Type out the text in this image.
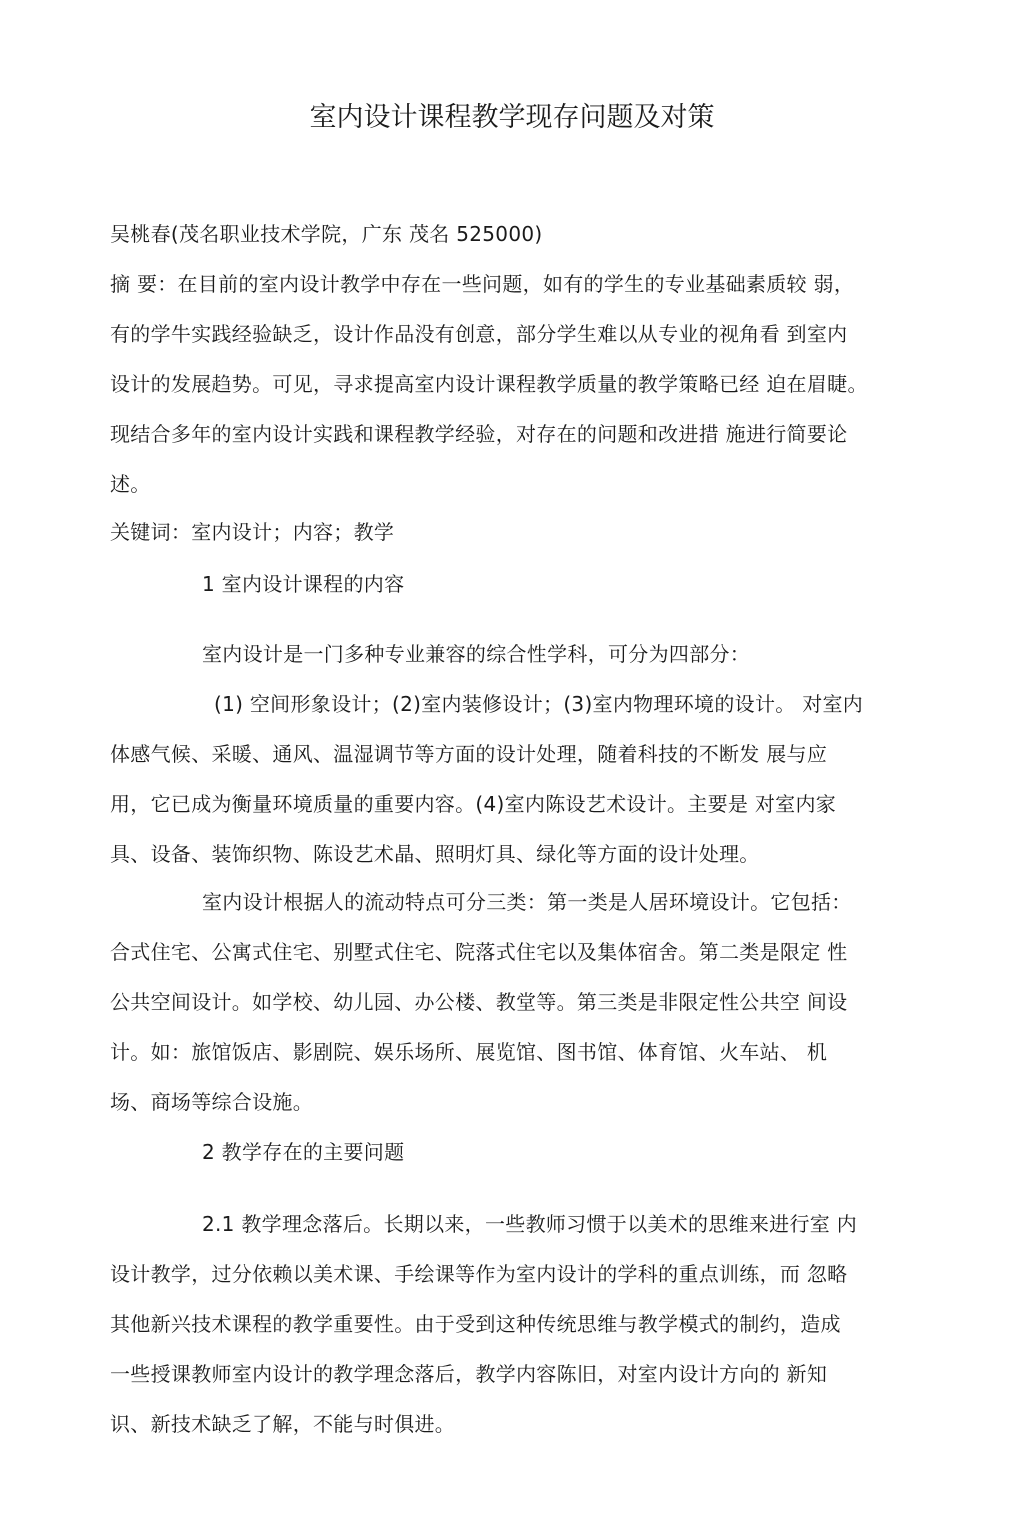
室内设计课程教学现存问题及对策
吴桃春(茂名职业技术学院，广东 茂名 525000)
摘 要：在目前的室内设计教学中存在一些问题，如有的学生的专业基础素质较 弱，
有的学牛实践经验缺乏，设计作品没有创意，部分学生难以从专业的视角看 到室内
设计的发展趋势。可见，寻求提高室内设计课程教学质量的教学策略已经 迫在眉睫。
现结合多年的室内设计实践和课程教学经验，对存在的问题和改进措 施进行简要论
述。
关键词：室内设计；内容；教学
1 室内设计课程的内容
室内设计是一门多种专业兼容的综合性学科，可分为四部分：
(1) 空间形象设计；(2)室内装修设计；(3)室内物理环境的设计。 对室内
体感气候、采暖、通风、温湿调节等方面的设计处理，随着科技的不断发 展与应
用，它已成为衡量环境质量的重要内容。(4)室内陈设艺术设计。主要是 对室内家
具、设备、装饰织物、陈设艺术晶、照明灯具、绿化等方面的设计处理。
室内设计根据人的流动特点可分三类：第一类是人居环境设计。它包括：
合式住宅、公寓式住宅、别墅式住宅、院落式住宅以及集体宿舍。第二类是限定 性
公共空间设计。如学校、幼儿园、办公楼、教堂等。第三类是非限定性公共空 间设
计。如：旅馆饭店、影剧院、娱乐场所、展览馆、图书馆、体育馆、火车站、 机
场、商场等综合设施。
2 教学存在的主要问题
2.1 教学理念落后。长期以来，一些教师习惯于以美术的思维来进行室 内
设计教学，过分依赖以美术课、手绘课等作为室内设计的学科的重点训练，而 忽略
其他新兴技术课程的教学重要性。由于受到这种传统思维与教学模式的制约，造成
一些授课教师室内设计的教学理念落后，教学内容陈旧，对室内设计方向的 新知
识、新技术缺乏了解，不能与时俱进。
